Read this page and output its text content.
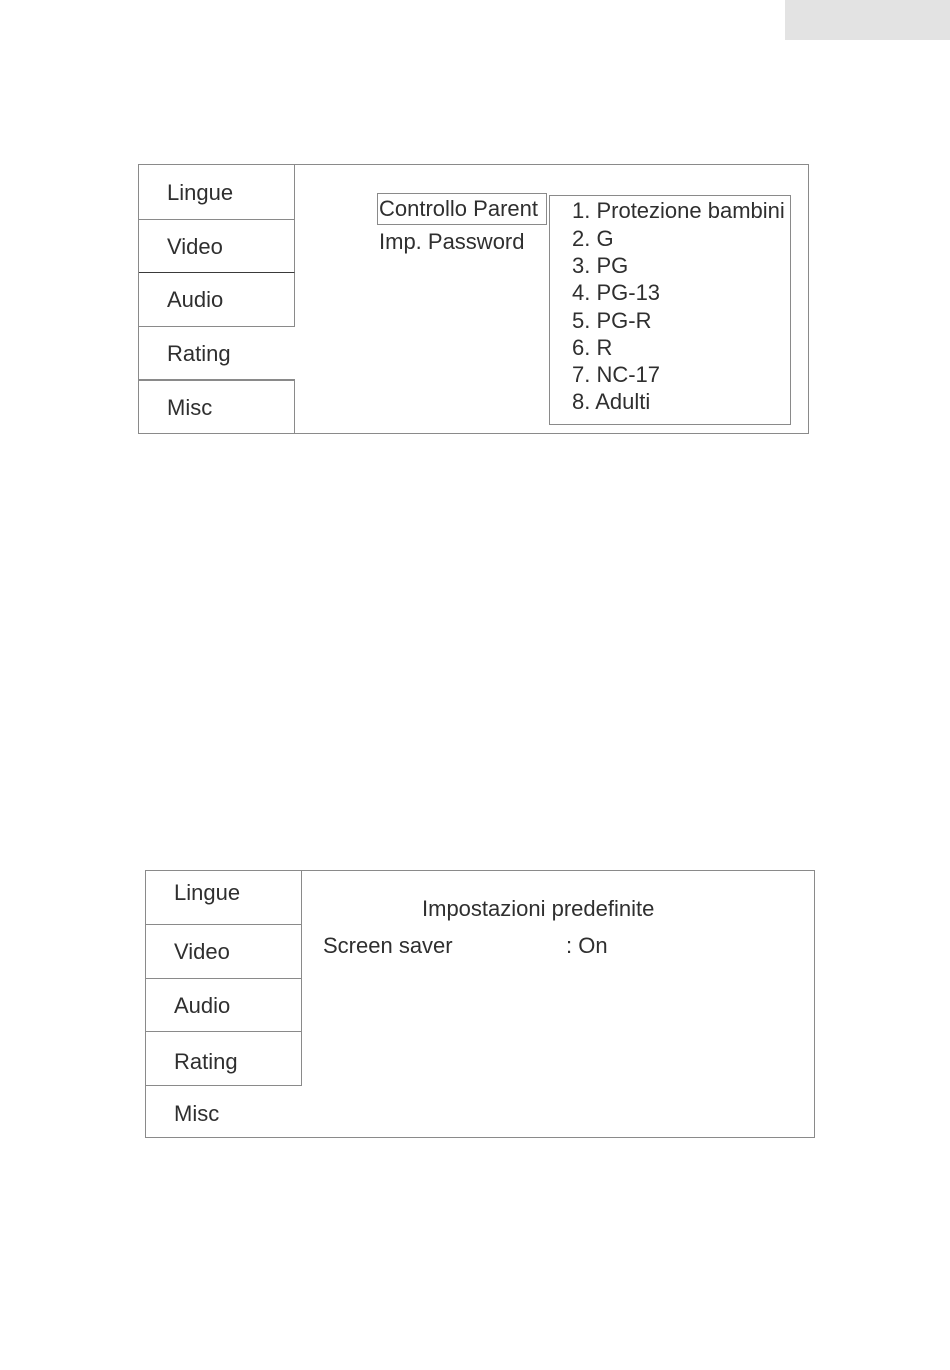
Lingue
Video
Audio
Rating
Misc
Controllo Parent
Imp. Password
1. Protezione bambini
2. G
3. PG
4. PG-13
5. PG-R
6. R
7. NC-17
8. Adulti
Lingue
Video
Audio
Rating
Misc
Impostazioni predefinite
Screen saver	: On
